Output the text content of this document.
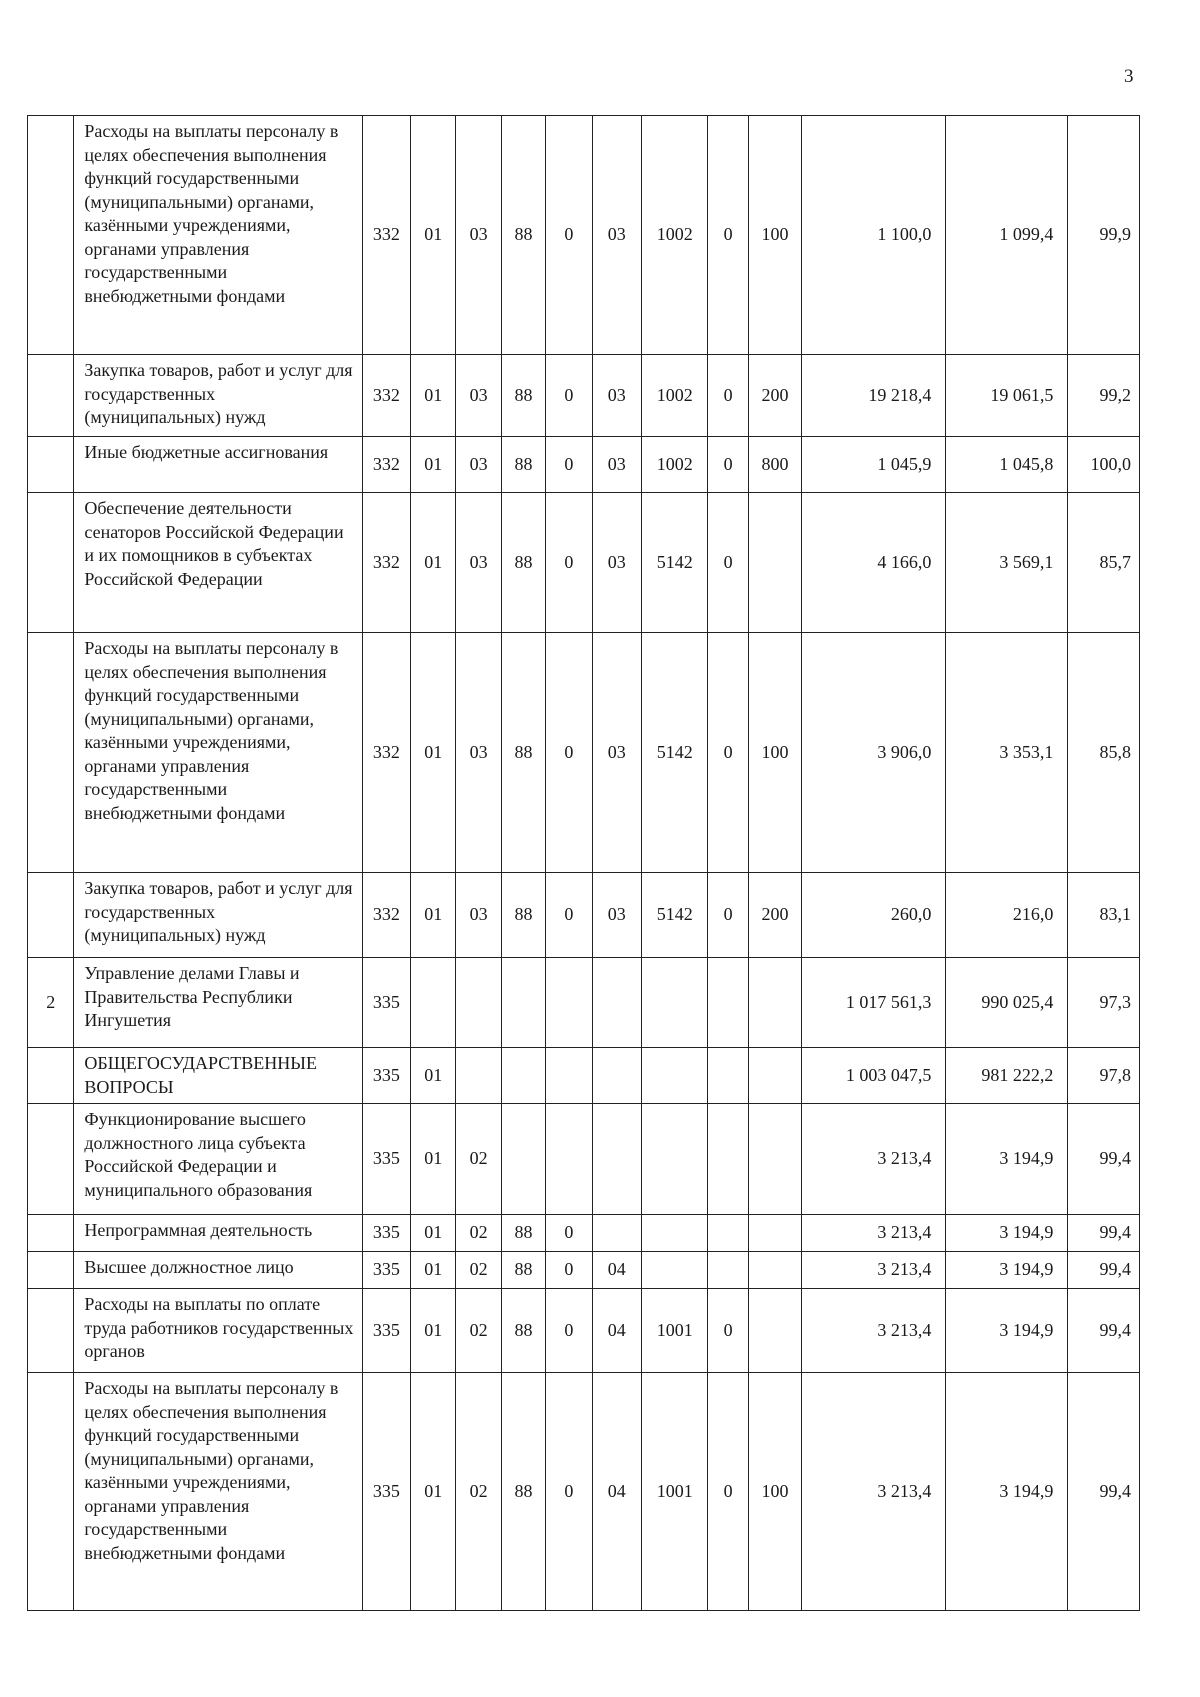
3
	Расходы на выплаты персоналу в целях обеспечения выполнения функций государственными (муниципальными) органами, казёнными учреждениями, органами управления государственными внебюджетными фондами	332	01	03	88	0	03	1002	0	100	1 100,0	1 099,4	99,9
	Закупка товаров, работ и услуг для государственных (муниципальных) нужд	332	01	03	88	0	03	1002	0	200	19 218,4	19 061,5	99,2
	Иные бюджетные ассигнования	332	01	03	88	0	03	1002	0	800	1 045,9	1 045,8	100,0
	Обеспечение деятельности сенаторов Российской Федерации и их помощников в субъектах Российской Федерации	332	01	03	88	0	03	5142	0		4 166,0	3 569,1	85,7
	Расходы на выплаты персоналу в целях обеспечения выполнения функций государственными (муниципальными) органами, казёнными учреждениями, органами управления государственными внебюджетными фондами	332	01	03	88	0	03	5142	0	100	3 906,0	3 353,1	85,8
	Закупка товаров, работ и услуг для государственных (муниципальных) нужд	332	01	03	88	0	03	5142	0	200	260,0	216,0	83,1
2	Управление делами Главы и Правительства Республики Ингушетия	335									1 017 561,3	990 025,4	97,3
	ОБЩЕГОСУДАРСТВЕННЫЕ ВОПРОСЫ	335	01								1 003 047,5	981 222,2	97,8
	Функционирование высшего должностного лица субъекта Российской Федерации и муниципального образования	335	01	02							3 213,4	3 194,9	99,4
	Непрограммная деятельность	335	01	02	88	0					3 213,4	3 194,9	99,4
	Высшее должностное лицо	335	01	02	88	0	04				3 213,4	3 194,9	99,4
	Расходы на выплаты по оплате труда работников государственных органов	335	01	02	88	0	04	1001	0		3 213,4	3 194,9	99,4
	Расходы на выплаты персоналу в целях обеспечения выполнения функций государственными (муниципальными) органами, казёнными учреждениями, органами управления государственными внебюджетными фондами	335	01	02	88	0	04	1001	0	100	3 213,4	3 194,9	99,4
